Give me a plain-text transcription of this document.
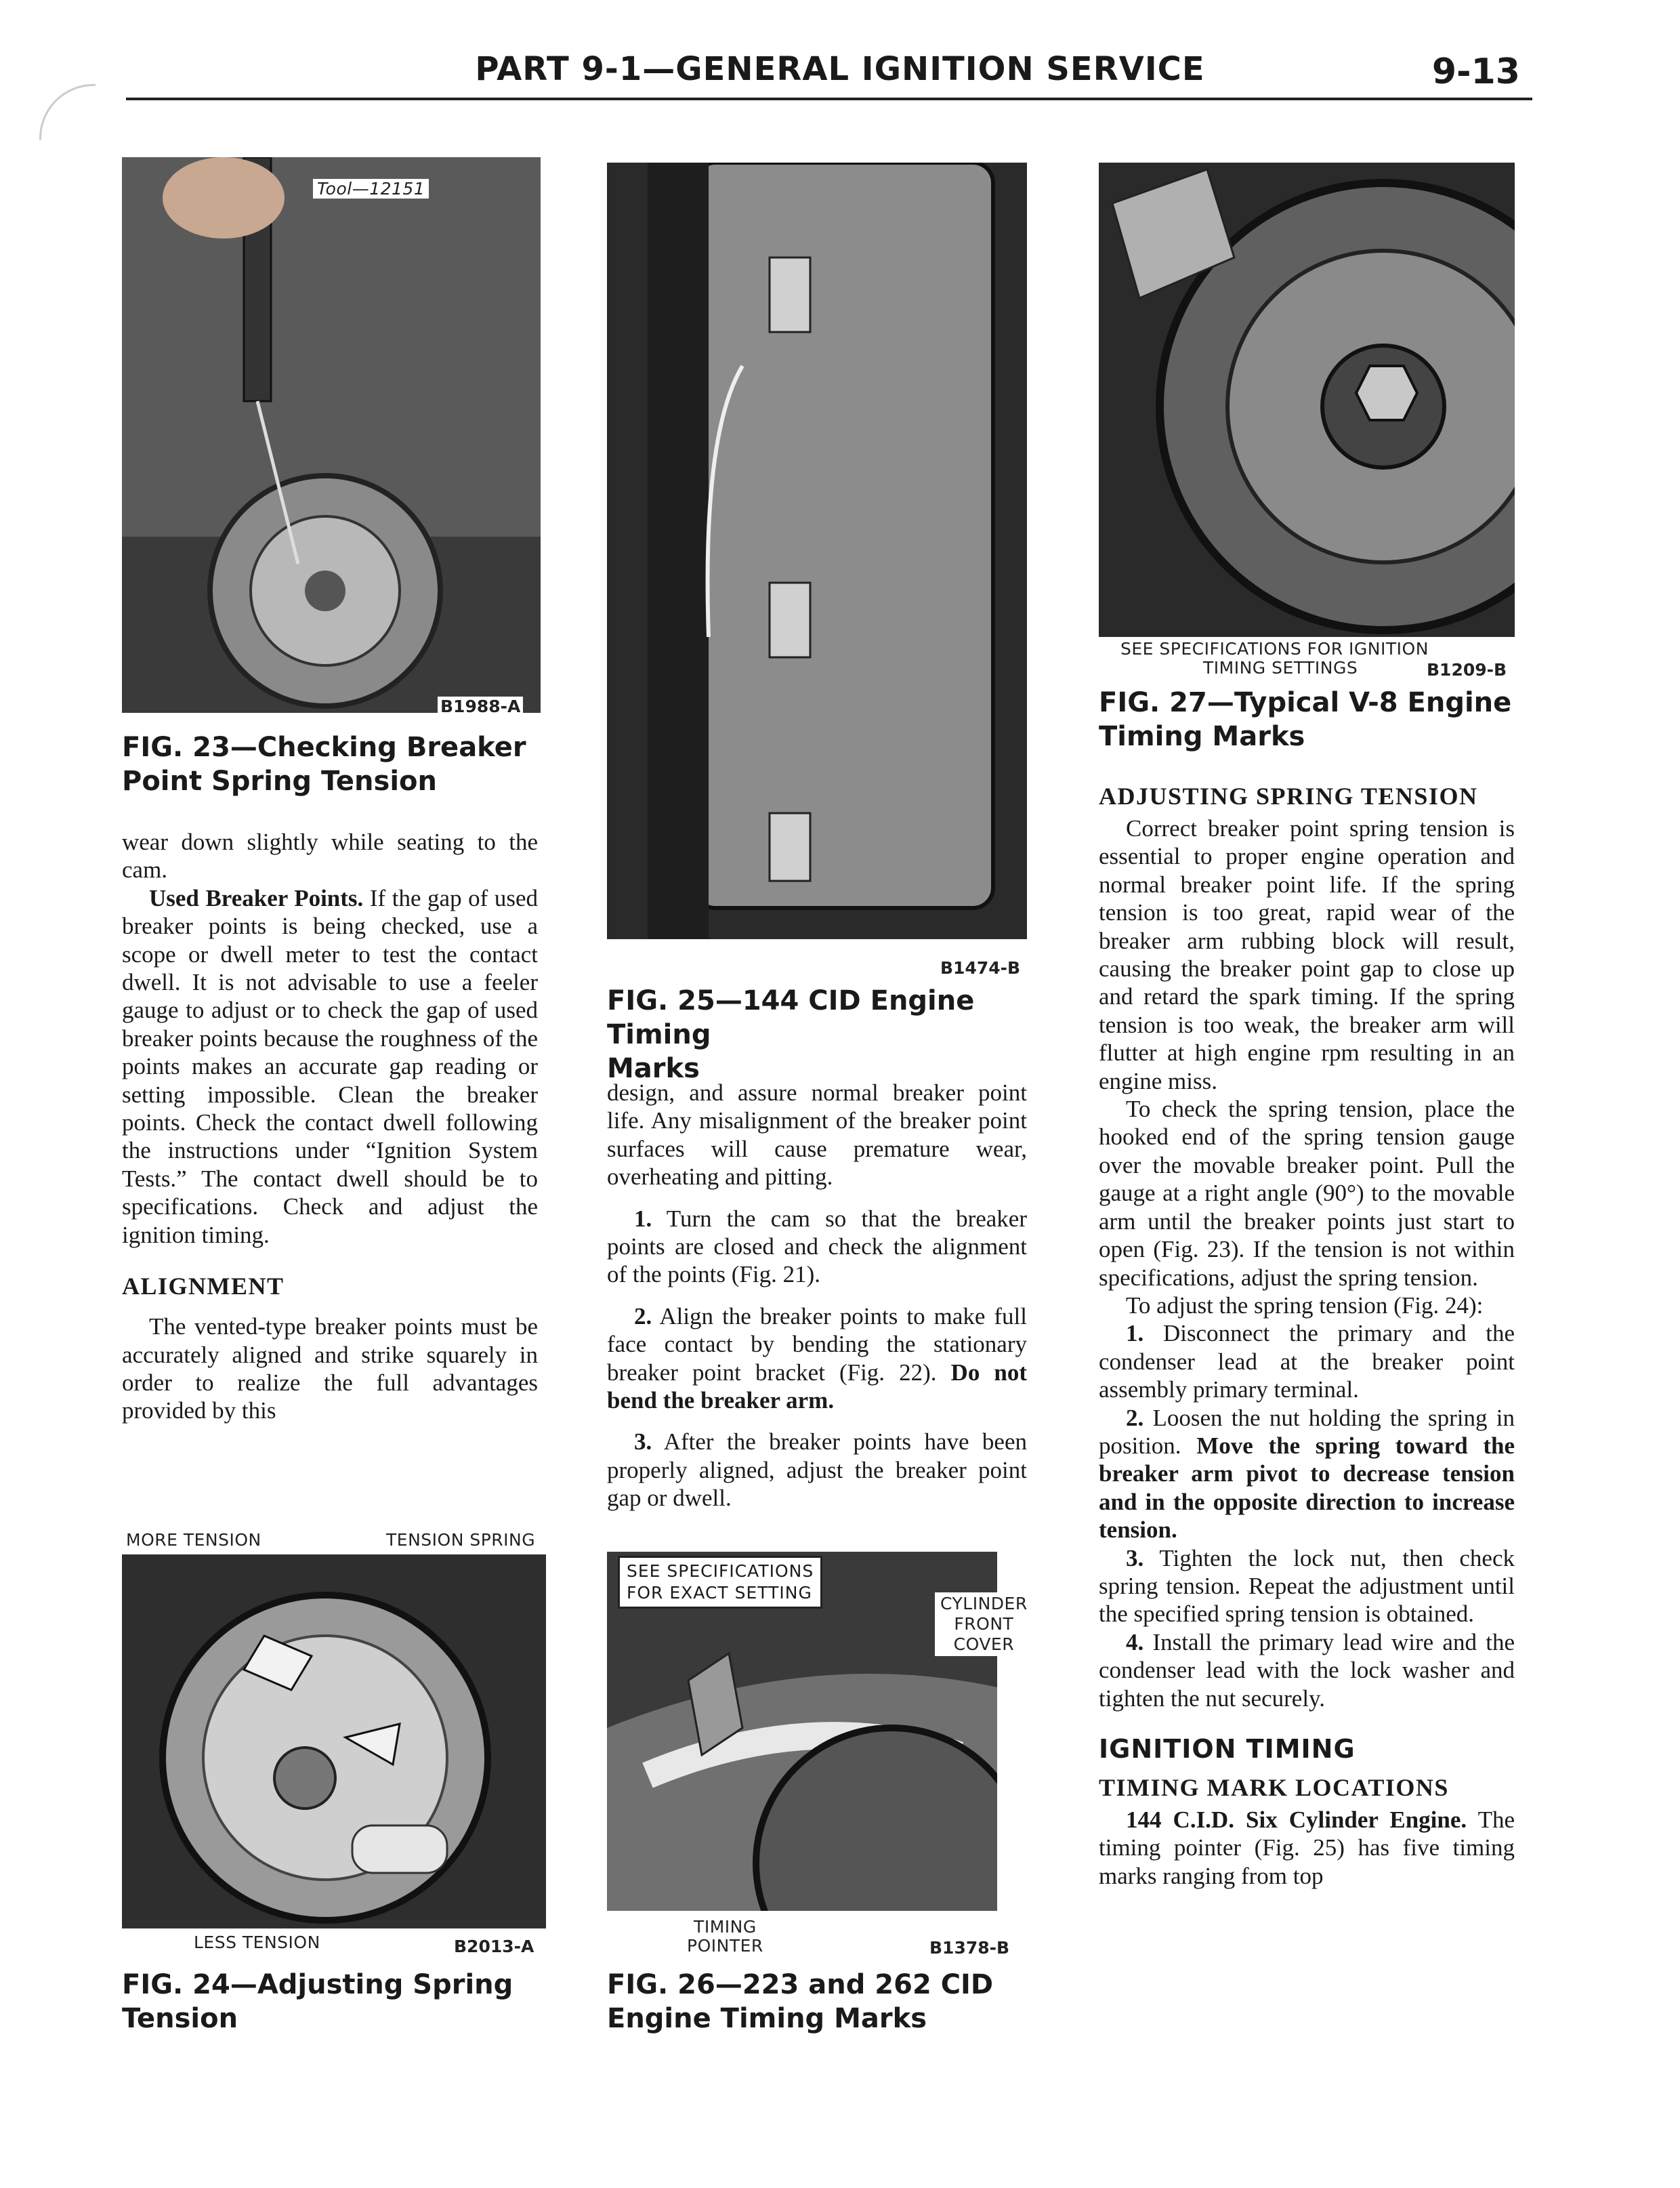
PART 9-1—GENERAL IGNITION SERVICE	9-13
Tool—12151
B1988-A
FIG. 23—Checking Breaker
Point Spring Tension

wear down slightly while seating to the cam.

Used Breaker Points. If the gap of used breaker points is being checked, use a scope or dwell meter to test the contact dwell. It is not advisable to use a feeler gauge to adjust or to check the gap of used breaker points because the roughness of the points makes an accurate gap reading or setting impossible. Clean the breaker points. Check the contact dwell following the instructions under “Ignition System Tests.” The contact dwell should be to specifications. Check and adjust the ignition timing.

ALIGNMENT

The vented-type breaker points must be accurately aligned and strike squarely in order to realize the full advantages provided by this

MORE TENSION	TENSION SPRING
LESS TENSION	B2013-A
FIG. 24—Adjusting Spring
Tension
B1474-B
FIG. 25—144 CID Engine Timing
Marks

design, and assure normal breaker point life. Any misalignment of the breaker point surfaces will cause premature wear, overheating and pitting.

1. Turn the cam so that the breaker points are closed and check the alignment of the points (Fig. 21).

2. Align the breaker points to make full face contact by bending the stationary breaker point bracket (Fig. 22). Do not bend the breaker arm.

3. After the breaker points have been properly aligned, adjust the breaker point gap or dwell.

SEE SPECIFICATIONS
FOR EXACT SETTING
CYLINDER
FRONT
COVER
TIMING
POINTER	B1378-B
FIG. 26—223 and 262 CID
Engine Timing Marks
SEE SPECIFICATIONS FOR IGNITION
TIMING SETTINGS	B1209-B
FIG. 27—Typical V-8 Engine
Timing Marks
ADJUSTING SPRING TENSION

Correct breaker point spring tension is essential to proper engine operation and normal breaker point life. If the spring tension is too great, rapid wear of the breaker arm rubbing block will result, causing the breaker point gap to close up and retard the spark timing. If the spring tension is too weak, the breaker arm will flutter at high engine rpm resulting in an engine miss.

To check the spring tension, place the hooked end of the spring tension gauge over the movable breaker point. Pull the gauge at a right angle (90°) to the movable arm until the breaker points just start to open (Fig. 23). If the tension is not within specifications, adjust the spring tension.

To adjust the spring tension (Fig. 24):

1. Disconnect the primary and the condenser lead at the breaker point assembly primary terminal.

2. Loosen the nut holding the spring in position. Move the spring toward the breaker arm pivot to decrease tension and in the opposite direction to increase tension.

3. Tighten the lock nut, then check spring tension. Repeat the adjustment until the specified spring tension is obtained.

4. Install the primary lead wire and the condenser lead with the lock washer and tighten the nut securely.

IGNITION TIMING
TIMING MARK LOCATIONS

144 C.I.D. Six Cylinder Engine. The timing pointer (Fig. 25) has five timing marks ranging from top
